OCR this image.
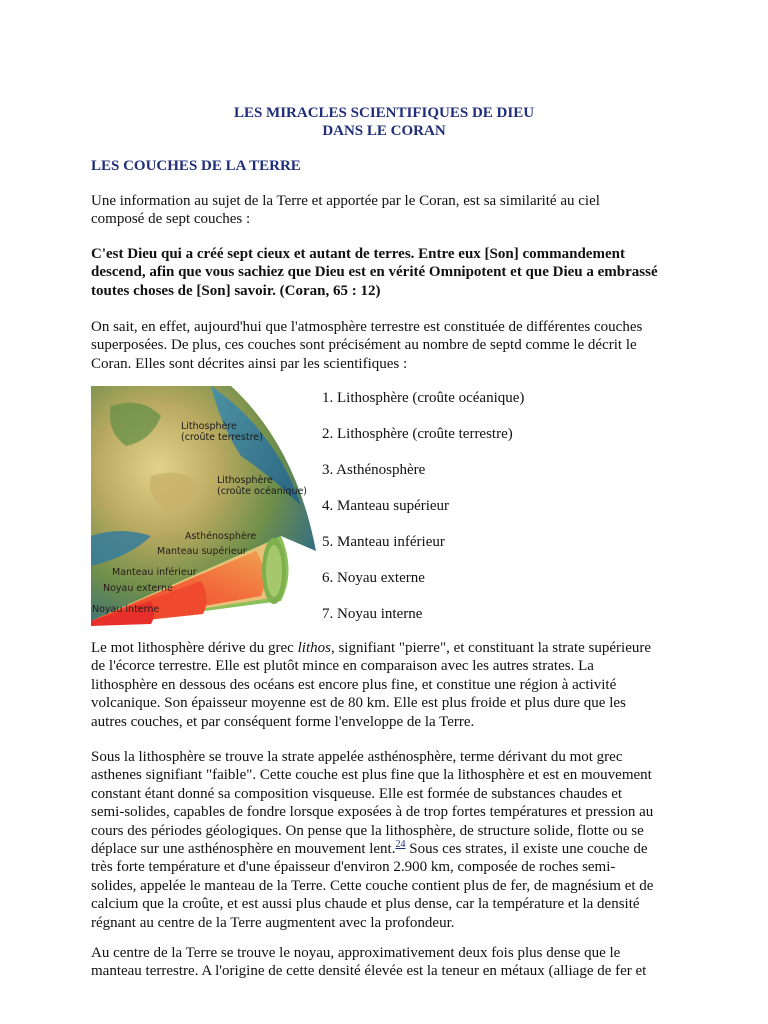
LES MIRACLES SCIENTIFIQUES DE DIEU
DANS LE CORAN
LES COUCHES DE LA TERRE

Une information au sujet de la Terre et apportée par le Coran, est sa similarité au ciel
composé de sept couches :

C'est Dieu qui a créé sept cieux et autant de terres. Entre eux [Son] commandement
descend, afin que vous sachiez que Dieu est en vérité Omnipotent et que Dieu a embrassé
toutes choses de [Son] savoir. (Coran, 65 : 12)

On sait, en effet, aujourd'hui que l'atmosphère terrestre est constituée de différentes couches
superposées. De plus, ces couches sont précisément au nombre de septd comme le décrit le
Coran. Elles sont décrites ainsi par les scientifiques :

Lithosphère
(croûte terrestre)
Lithosphère
(croûte océanique)
Asthénosphère
Manteau supérieur
Manteau inférieur
Noyau externe
Noyau interne
1. Lithosphère (croûte océanique)
2. Lithosphère (croûte terrestre)
3. Asthénosphère
4. Manteau supérieur
5. Manteau inférieur
6. Noyau externe
7. Noyau interne

Le mot lithosphère dérive du grec lithos, signifiant "pierre", et constituant la strate supérieure
de l'écorce terrestre. Elle est plutôt mince en comparaison avec les autres strates. La
lithosphère en dessous des océans est encore plus fine, et constitue une région à activité
volcanique. Son épaisseur moyenne est de 80 km. Elle est plus froide et plus dure que les
autres couches, et par conséquent forme l'enveloppe de la Terre.

Sous la lithosphère se trouve la strate appelée asthénosphère, terme dérivant du mot grec
asthenes signifiant "faible". Cette couche est plus fine que la lithosphère et est en mouvement
constant étant donné sa composition visqueuse. Elle est formée de substances chaudes et
semi-solides, capables de fondre lorsque exposées à de trop fortes températures et pression au
cours des périodes géologiques. On pense que la lithosphère, de structure solide, flotte ou se
déplace sur une asthénosphère en mouvement lent.$^{24}$ Sous ces strates, il existe une couche de
très forte température et d'une épaisseur d'environ 2.900 km, composée de roches semi-
solides, appelée le manteau de la Terre. Cette couche contient plus de fer, de magnésium et de
calcium que la croûte, et est aussi plus chaude et plus dense, car la température et la densité
régnant au centre de la Terre augmentent avec la profondeur.

Au centre de la Terre se trouve le noyau, approximativement deux fois plus dense que le
manteau terrestre. A l'origine de cette densité élevée est la teneur en métaux (alliage de fer et
